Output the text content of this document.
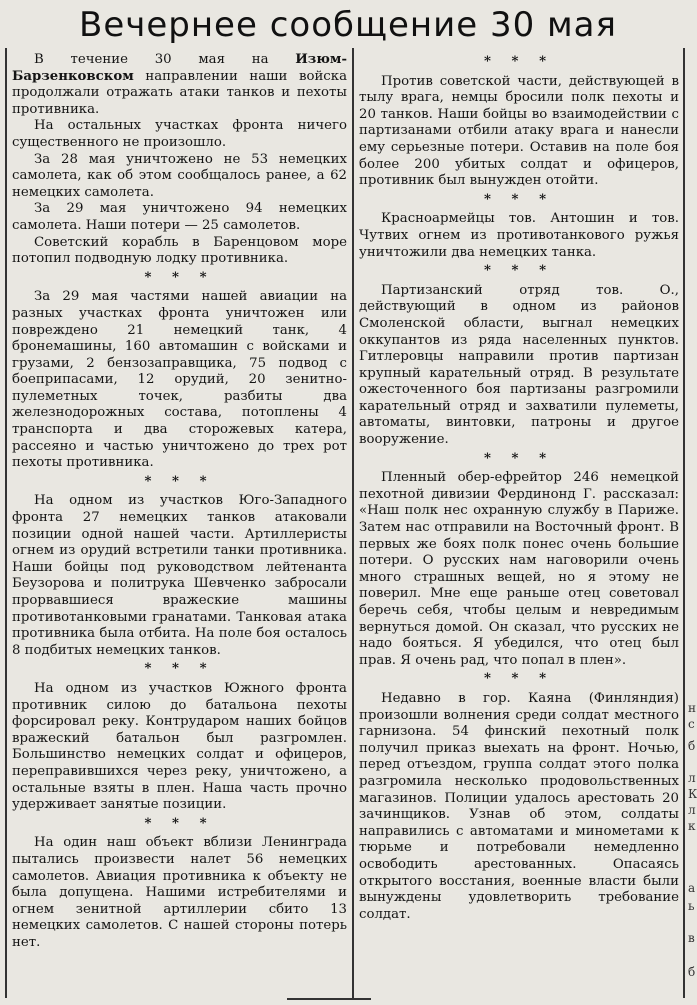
Вечернее сообщение 30 мая

В течение 30 мая на Изюм-Барзенковском направлении наши войска продолжали отражать атаки танков и пехоты противника.

На остальных участках фронта ничего существенного не произошло.

За 28 мая уничтожено не 53 немецких самолета, как об этом сообщалось ранее, а 62 немецких самолета.

За 29 мая уничтожено 94 немецких самолета. Наши потери — 25 самолетов.

Советский корабль в Баренцовом море потопил подводную лодку противника.

* * *

За 29 мая частями нашей авиации на разных участках фронта уничтожен или повреждено 21 немецкий танк, 4 бронемашины, 160 автомашин с войсками и грузами, 2 бензозаправщика, 75 подвод с боеприпасами, 12 орудий, 20 зенитно-пулеметных точек, разбиты два железнодорожных состава, потоплены 4 транспорта и два сторожевых катера, рассеяно и частью уничтожено до трех рот пехоты противника.

* * *

На одном из участков Юго-Западного фронта 27 немецких танков атаковали позиции одной нашей части. Артиллеристы огнем из орудий встретили танки противника. Наши бойцы под руководством лейтенанта Беузорова и политрука Шевченко забросали прорвавшиеся вражеские машины противотанковыми гранатами. Танковая атака противника была отбита. На поле боя осталось 8 подбитых немецких танков.

* * *

На одном из участков Южного фронта противник силою до батальона пехоты форсировал реку. Контрударом наших бойцов вражеский батальон был разгромлен. Большинство немецких солдат и офицеров, переправившихся через реку, уничтожено, а остальные взяты в плен. Наша часть прочно удерживает занятые позиции.

* * *

На один наш объект вблизи Ленинграда пытались произвести налет 56 немецких самолетов. Авиация противника к объекту не была допущена. Нашими истребителями и огнем зенитной артиллерии сбито 13 немецких самолетов. С нашей стороны потерь нет.

* * *

Против советской части, действующей в тылу врага, немцы бросили полк пехоты и 20 танков. Наши бойцы во взаимодействии с партизанами отбили атаку врага и нанесли ему серьезные потери. Оставив на поле боя более 200 убитых солдат и офицеров, противник был вынужден отойти.

* * *

Красноармейцы тов. Антошин и тов. Чутвих огнем из противотанкового ружья уничтожили два немецких танка.

* * *

Партизанский отряд тов. О., действующий в одном из районов Смоленской области, выгнал немецких оккупантов из ряда населенных пунктов. Гитлеровцы направили против партизан крупный карательный отряд. В результате ожесточенного боя партизаны разгромили карательный отряд и захватили пулеметы, автоматы, винтовки, патроны и другое вооружение.

* * *

Пленный обер-ефрейтор 246 немецкой пехотной дивизии Фердинонд Г. рассказал: «Наш полк нес охранную службу в Париже. Затем нас отправили на Восточный фронт. В первых же боях полк понес очень большие потери. О русских нам наговорили очень много страшных вещей, но я этому не поверил. Мне еще раньше отец советовал беречь себя, чтобы целым и невредимым вернуться домой. Он сказал, что русских не надо бояться. Я убедился, что отец был прав. Я очень рад, что попал в плен».

* * *

Недавно в гор. Каяна (Финляндия) произошли волнения среди солдат местного гарнизона. 54 финский пехотный полк получил приказ выехать на фронт. Ночью, перед отъездом, группа солдат этого полка разгромила несколько продовольственных магазинов. Полиции удалось арестовать 20 зачинщиков. Узнав об этом, солдаты направились с автоматами и минометами к тюрьме и потребовали немедленно освободить арестованных. Опасаясь открытого восстания, военные власти были вынуждены удовлетворить требование солдат.

н
с
б
л
К
л
к
а
ь
в
б
